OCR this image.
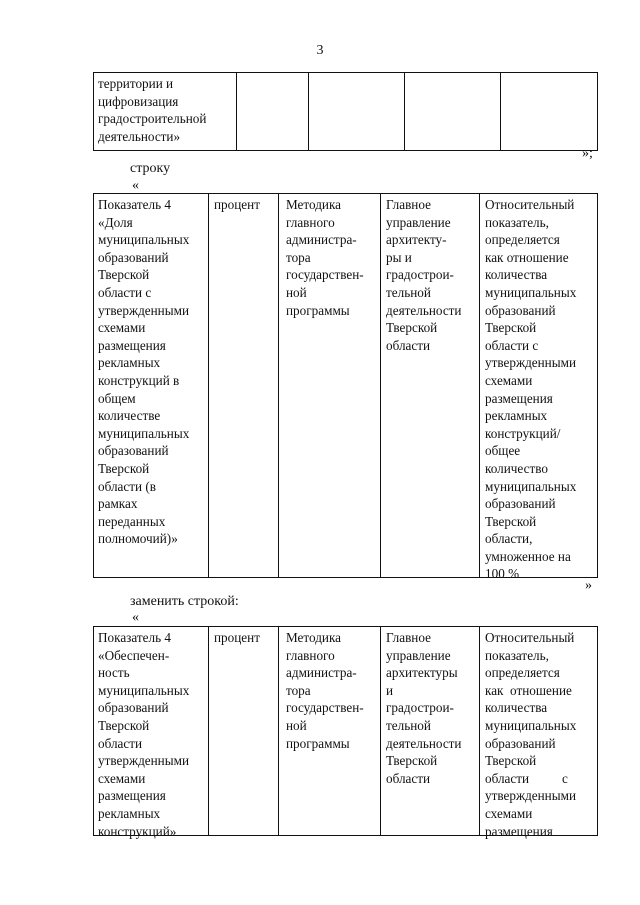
3
территории и
цифровизация
градостроительной
деятельности»
»;
строку
«
Показатель 4
«Доля
муниципальных
образований
Тверской
области с
утвержденными
схемами
размещения
рекламных
конструкций в
общем
количестве
муниципальных
образований
Тверской
области (в
рамках
переданных
полномочий)»
процент Методика
главного
администра-
тора
государствен-
ной
программы
Главное
управление
архитекту-
ры и
градострои-
тельной
деятельности
Тверской
области
Относительный
показатель,
определяется
как отношение
количества
муниципальных
образований
Тверской
области с
утвержденными
схемами
размещения
рекламных
конструкций/
общее
количество
муниципальных
образований
Тверской
области,
умноженное на
100 %
»
заменить строкой:
«
Показатель 4
«Обеспечен-
ность
муниципальных
образований
Тверской
области
утвержденными
схемами
размещения
рекламных
конструкций»
процент Методика
главного
администра-
тора
государствен-
ной
программы
Главное
управление
архитектуры
и
градострои-
тельной
деятельности
Тверской
области
Относительный
показатель,
определяется
как  отношение
количества
муниципальных
образований
Тверской
области          с
утвержденными
схемами
размещения
